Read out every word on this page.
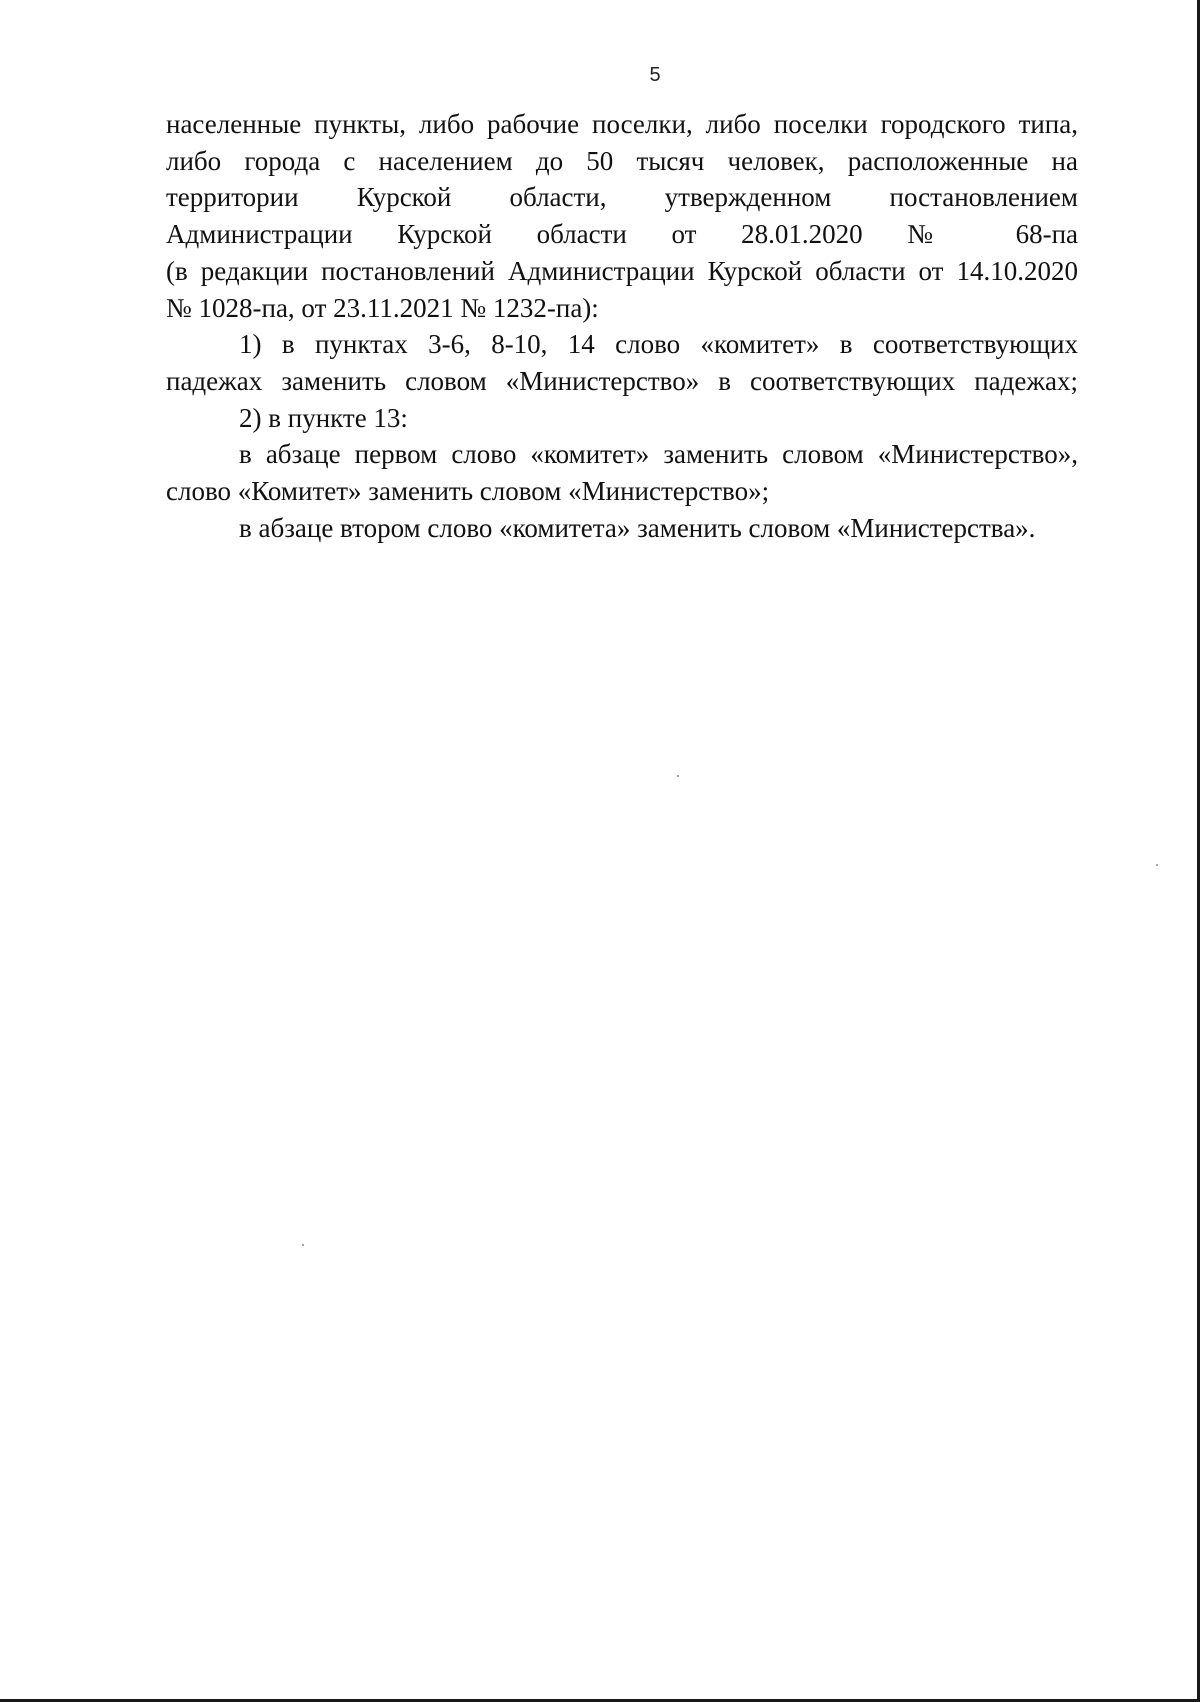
5
населенные пункты, либо рабочие поселки, либо поселки городского типа,
либо города с населением до 50 тысяч человек, расположенные на
территории Курской области, утвержденном постановлением
Администрации Курской области от 28.01.2020 № 68-па
(в редакции постановлений Администрации Курской области от 14.10.2020
№ 1028-па, от 23.11.2021 № 1232-па):
1) в пунктах 3-6, 8-10, 14 слово «комитет» в соответствующих
падежах заменить словом «Министерство» в соответствующих падежах;
2) в пункте 13:
в абзаце первом слово «комитет» заменить словом «Министерство»,
слово «Комитет» заменить словом «Министерство»;
в абзаце втором слово «комитета» заменить словом «Министерства».
